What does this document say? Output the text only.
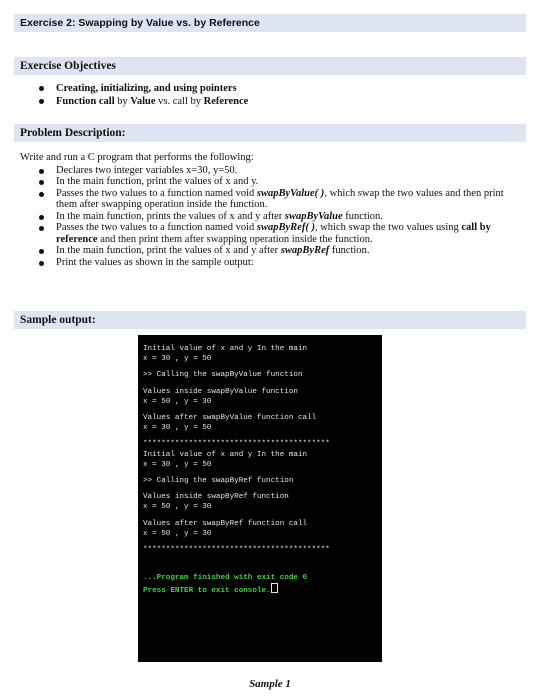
Exercise 2: Swapping by Value vs. by Reference
Exercise Objectives
Creating, initializing, and using pointers
Function call by Value vs. call by Reference
Problem Description:
Write and run a C program that performs the following:
Declares two integer variables x=30, y=50.
In the main function, print the values of x and y.
Passes the two values to a function named void swapByValue( ), which swap the two values and then print them after swapping operation inside the function.
In the main function, prints the values of x and y after swapByValue function.
Passes the two values to a function named void swapByRef( ), which swap the two values using call by reference and then print them after swapping operation inside the function.
In the main function, print the values of x and y after swapByRef function.
Print the values as shown in the sample output:
Sample output:
Initial value of x and y In the main
x = 30 , y = 50
>> Calling the swapByValue function
Values inside swapByValue function
x = 50 , y = 30
Values after swapByValue function call
x = 30 , y = 50
*****************************************
Initial value of x and y In the main
x = 30 , y = 50
>> Calling the swapByRef function
Values inside swapByRef function
x = 50 , y = 30
Values after swapByRef function call
x = 50 , y = 30
*****************************************
...Program finished with exit code 0
Press ENTER to exit console.
Sample 1
